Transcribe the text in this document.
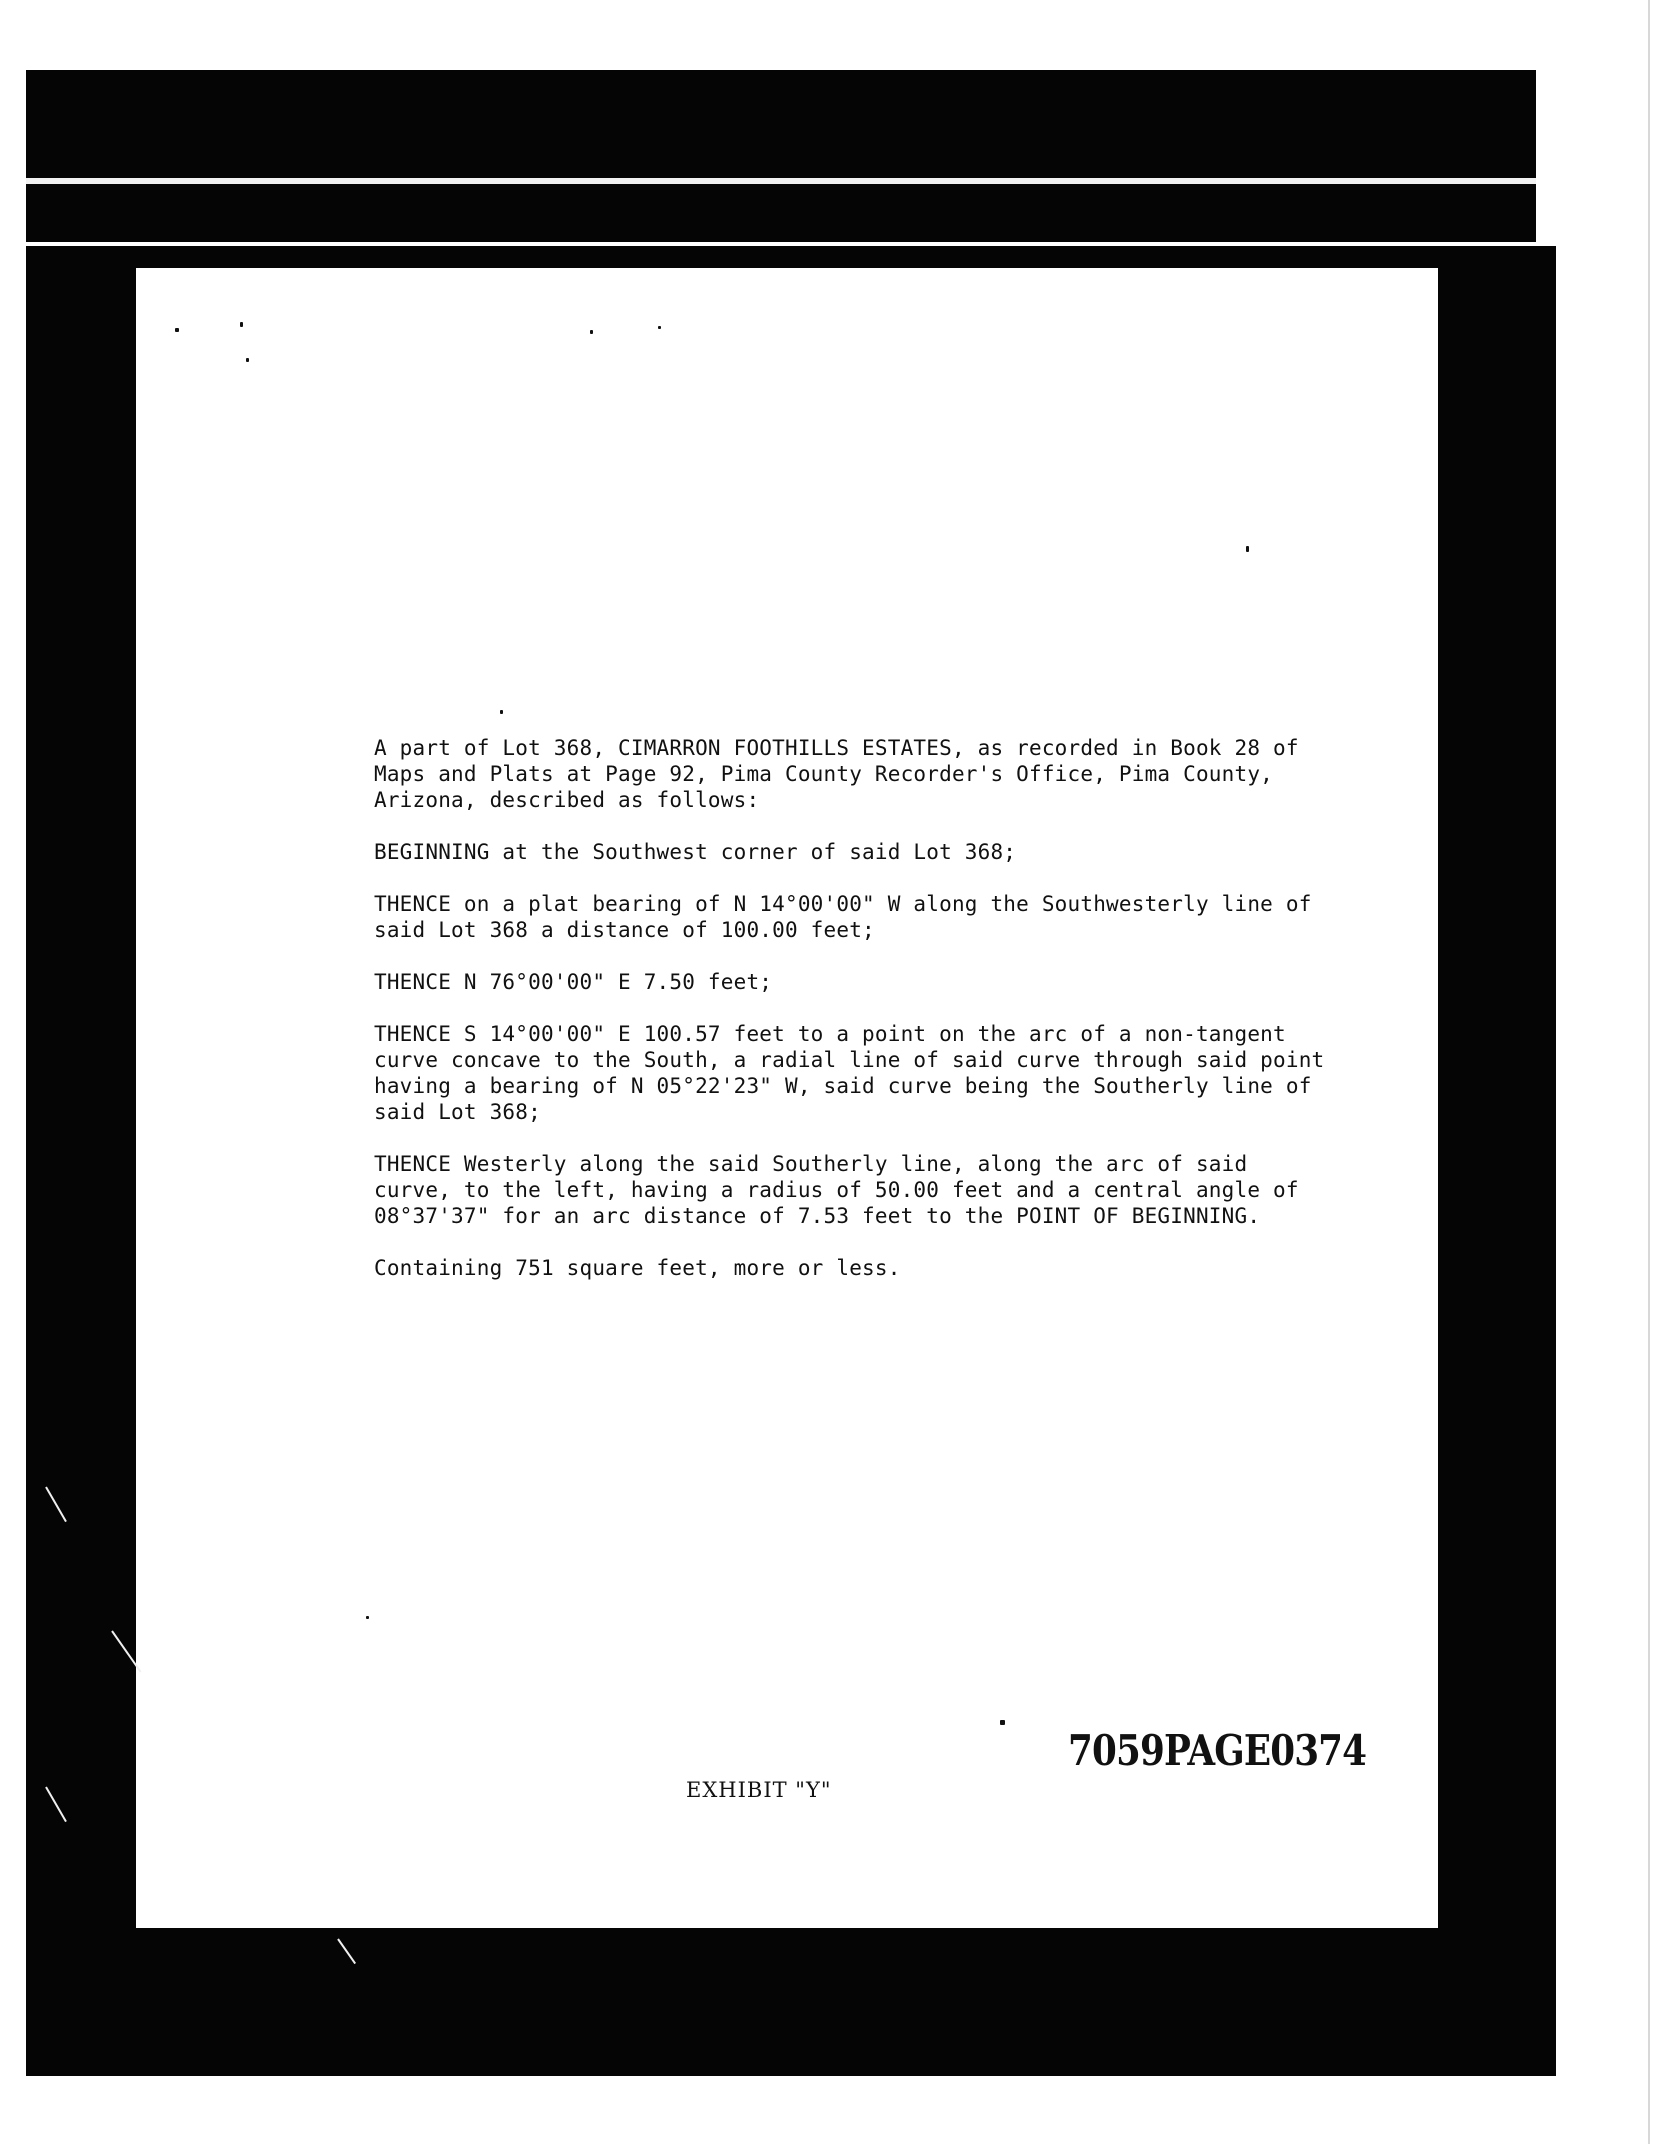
A part of Lot 368, CIMARRON FOOTHILLS ESTATES, as recorded in Book 28 of
Maps and Plats at Page 92, Pima County Recorder's Office, Pima County,
Arizona, described as follows:

BEGINNING at the Southwest corner of said Lot 368;

THENCE on a plat bearing of N 14°00'00" W along the Southwesterly line of
said Lot 368 a distance of 100.00 feet;

THENCE N 76°00'00" E 7.50 feet;

THENCE S 14°00'00" E 100.57 feet to a point on the arc of a non-tangent
curve concave to the South, a radial line of said curve through said point
having a bearing of N 05°22'23" W, said curve being the Southerly line of
said Lot 368;

THENCE Westerly along the said Southerly line, along the arc of said
curve, to the left, having a radius of 50.00 feet and a central angle of
08°37'37" for an arc distance of 7.53 feet to the POINT OF BEGINNING.

Containing 751 square feet, more or less.

7059PAGE0374
EXHIBIT "Y"
